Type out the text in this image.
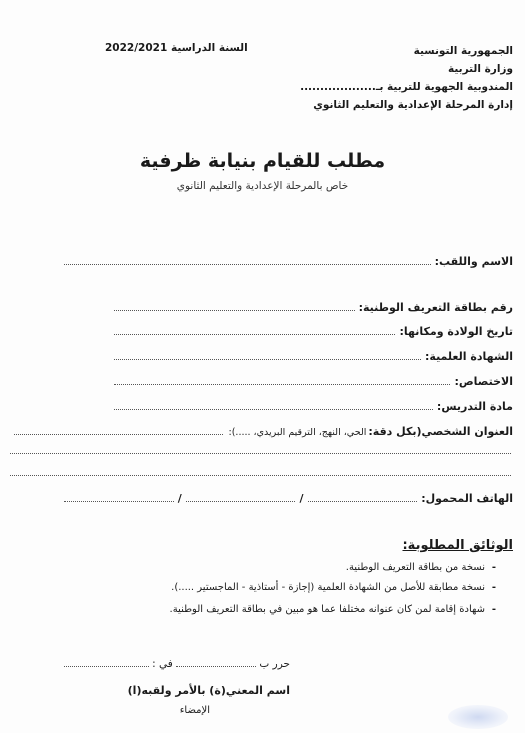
الجمهورية التونسية
وزارة التربية
المندوبية الجهوية للتربية بـ...................
إدارة المرحلة الإعدادية والتعليم الثانوي
السنة الدراسية 2022/2021
مطلب للقيام بنيابة ظرفية
خاص بالمرحلة الإعدادية والتعليم الثانوي
الاسم واللقب:
رقم بطاقة التعريف الوطنية:
تاريخ الولادة ومكانها:
الشهادة العلمية:
الاختصاص:
مادة التدريس:
العنوان الشخصي(بكل دقة:
الحي، النهج، الترقيم البريدي، .....):
الهاتف المحمول:
/
/
الوثائق المطلوبة:
-
نسخة من بطاقة التعريف الوطنية.
-
نسخة مطابقة للأصل من الشهادة العلمية (إجازة - أستاذية - الماجستير .....).
-
شهادة إقامة لمن كان عنوانه مختلفا عما هو مبين في بطاقة التعريف الوطنية.
حرر ب  في :
اسم المعني(ة) بالأمر ولقبه(ا)
الإمضاء
